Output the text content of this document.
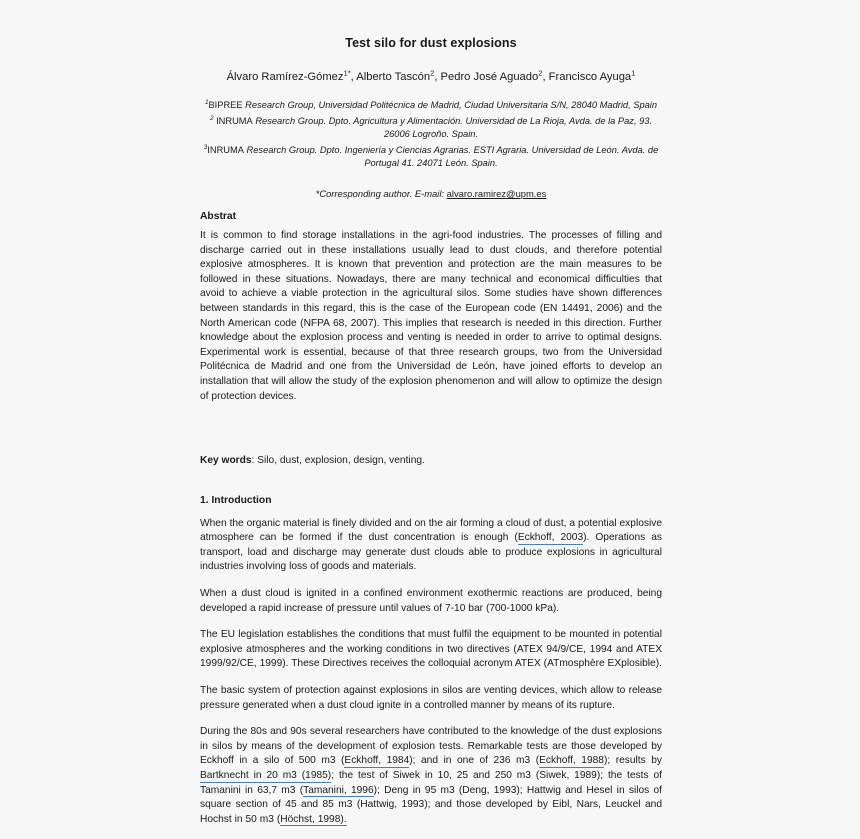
Test silo for dust explosions
Álvaro Ramírez-Gómez$^{1*}$, Alberto Tascón$^2$, Pedro José Aguado$^2$, Francisco Ayuga$^1$
$^1$BIPREE Research Group, Universidad Politécnica de Madrid, Ciudad Universitaria S/N, 28040 Madrid, Spain
$^2$ INRUMA Research Group. Dpto. Agricultura y Alimentación. Universidad de La Rioja, Avda. de la Paz, 93. 26006 Logroño. Spain.
$^3$INRUMA Research Group. Dpto. Ingeniería y Ciencias Agrarias. ESTI Agraria. Universidad de León. Avda. de Portugal 41. 24071 León. Spain.
*Corresponding author. E-mail: alvaro.ramirez@upm.es
Abstrat

It is common to find storage installations in the agri-food industries. The processes of filling and discharge carried out in these installations usually lead to dust clouds, and therefore potential explosive atmospheres. It is known that prevention and protection are the main measures to be followed in these situations. Nowadays, there are many technical and economical difficulties that avoid to achieve a viable protection in the agricultural silos. Some studies have shown differences between standards in this regard, this is the case of the European code (EN 14491, 2006) and the North American code (NFPA 68, 2007). This implies that research is needed in this direction. Further knowledge about the explosion process and venting is needed in order to arrive to optimal designs. Experimental work is essential, because of that three research groups, two from the Universidad Politécnica de Madrid and one from the Universidad de León, have joined efforts to develop an installation that will allow the study of the explosion phenomenon and will allow to optimize the design of protection devices.

Key words: Silo, dust, explosion, design, venting.

1. Introduction

When the organic material is finely divided and on the air forming a cloud of dust, a potential explosive atmosphere can be formed if the dust concentration is enough (Eckhoff, 2003). Operations as transport, load and discharge may generate dust clouds able to produce explosions in agricultural industries involving loss of goods and materials.

When a dust cloud is ignited in a confined environment exothermic reactions are produced, being developed a rapid increase of pressure until values of 7-10 bar (700-1000 kPa).

The EU legislation establishes the conditions that must fulfil the equipment to be mounted in potential explosive atmospheres and the working conditions in two directives (ATEX 94/9/CE, 1994 and ATEX 1999/92/CE, 1999). These Directives receives the colloquial acronym ATEX (ATmosphère EXplosible).

The basic system of protection against explosions in silos are venting devices, which allow to release pressure generated when a dust cloud ignite in a controlled manner by means of its rupture.

During the 80s and 90s several researchers have contributed to the knowledge of the dust explosions in silos by means of the development of explosion tests. Remarkable tests are those developed by Eckhoff in a silo of 500 m3 (Eckhoff, 1984); and in one of 236 m3 (Eckhoff, 1988); results by Bartknecht in 20 m3 (1985); the test of Siwek in 10, 25 and 250 m3 (Siwek, 1989); the tests of Tamanini in 63,7 m3 (Tamanini, 1996); Deng in 95 m3 (Deng, 1993); Hattwig and Hesel in silos of square section of 45 and 85 m3 (Hattwig, 1993); and those developed by Eibl, Nars, Leuckel and Hochst in 50 m3 (Höchst, 1998).
